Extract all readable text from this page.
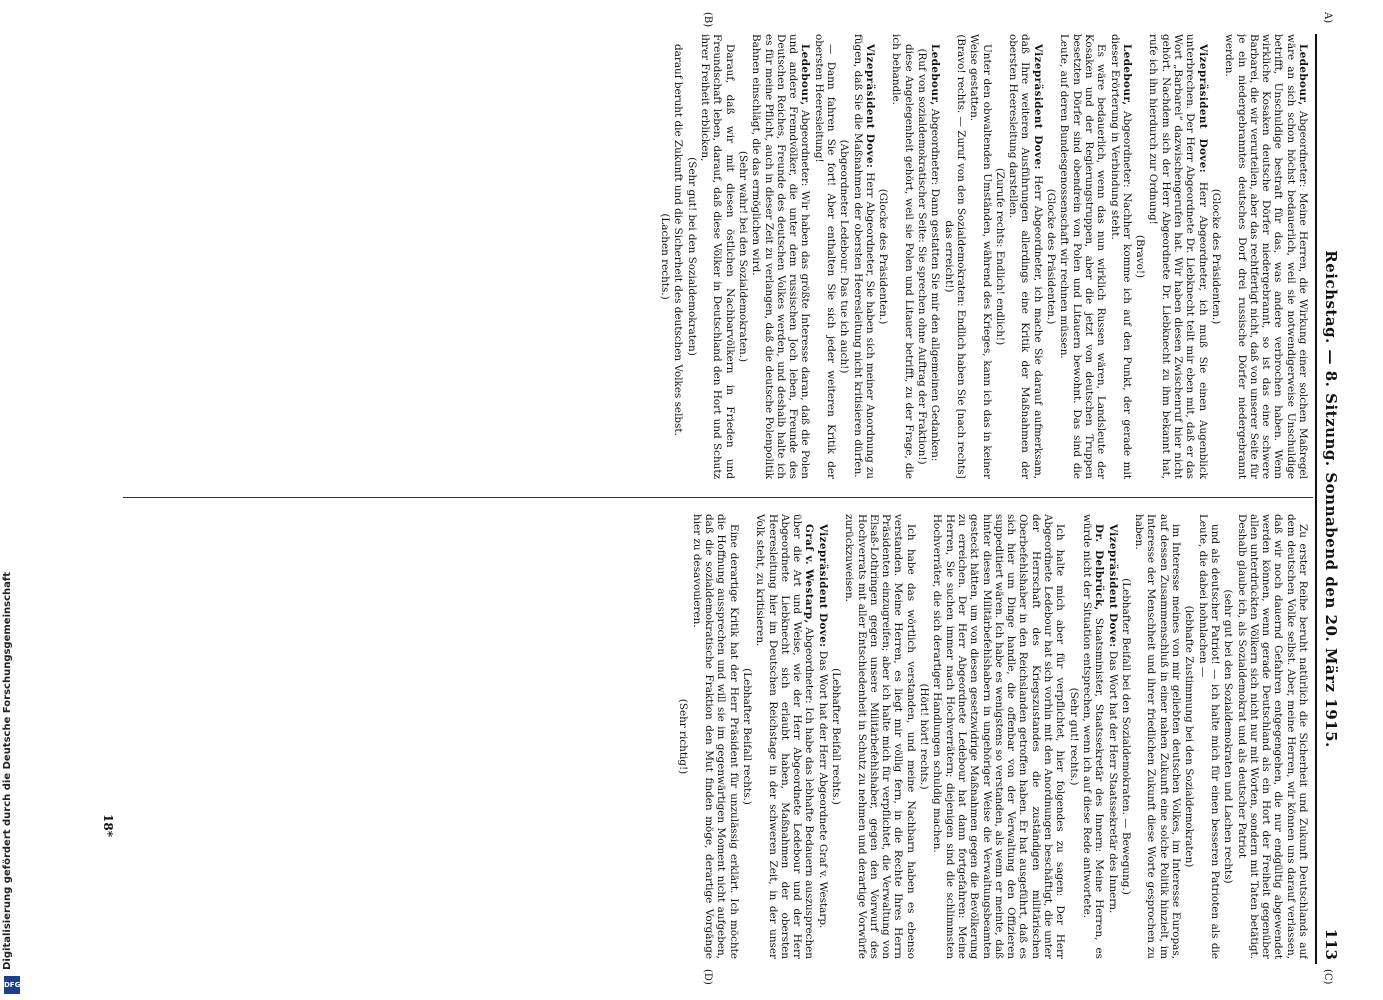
Reichstag. — 8. Sitzung. Sonnabend den 20. März 1915.
113
A)
(B)
(C)
(D)

Ledebour, Abgeordneter: Meine Herren, die Wirkung einer solchen Maßregel wäre an sich schon höchst bedauerlich, weil sie notwendigerweise Unschuldige betrifft, Unschuldige bestraft für das, was andere verbrochen haben. Wenn wirkliche Kosaken deutsche Dörfer niedergebrannt, so ist das eine schwere Barbarei, die wir verurteilen, aber das rechtfertigt nicht, daß von unserer Seite für je ein niedergebranntes deutsches Dorf drei russische Dörfer niedergebrannt werden.

(Glocke des Präsidenten.)

Vizepräsident Dove: Herr Abgeordneter, ich muß Sie einen Augenblick unterbrechen. Der Herr Abgeordnete Dr. Liebknecht teilt mir eben mit, daß er das Wort „Barbarei“ dazwischengerufen hat. Wir haben diesen Zwischenruf hier nicht gehört. Nachdem sich der Herr Abgeordnete Dr. Liebknecht zu ihm bekannt hat, rufe ich ihn hierdurch zur Ordnung!

(Bravo!)

Ledebour, Abgeordneter: Nachher komme ich auf den Punkt, der gerade mit dieser Erörterung in Verbindung steht.

Es wäre bedauerlich, wenn das nun wirklich Russen wären, Landsleute der Kosaken und der Regierungstruppen, aber die jetzt von deutschen Truppen besetzten Dörfer sind obendrein von Polen und Litauern bewohnt. Das sind die Leute, auf deren Bundesgenossenschaft wir rechnen müssen.

(Glocke des Präsidenten.)

Vizepräsident Dove: Herr Abgeordneter, ich mache Sie darauf aufmerksam, daß Ihre weiteren Ausführungen allerdings eine Kritik der Maßnahmen der obersten Heeresleitung darstellen.

(Zurufe rechts: Endlich! endlich!)

Unter den obwaltenden Umständen, während des Krieges, kann ich das in keiner Weise gestatten.

(Bravo! rechts. — Zuruf von den Sozialdemokraten: Endlich haben Sie [nach rechts] das erreicht!)

Ledebour, Abgeordneter: Dann gestatten Sie mir den allgemeinen Gedanken:

(Ruf von sozialdemokratischer Seite: Sie sprechen ohne Auftrag der Fraktion!)

diese Angelegenheit gehört, weil sie Polen und Litauer betrifft, zu der Frage, die ich behandle.

(Glocke des Präsidenten.)

Vizepräsident Dove: Herr Abgeordneter, Sie haben sich meiner Anordnung zu fügen, daß Sie die Maßnahmen der obersten Heeresleitung nicht kritisieren dürfen.

(Abgeordneter Ledebour: Das tue ich auch!)

— Dann fahren Sie fort! Aber enthalten Sie sich jeder weiteren Kritik der obersten Heeresleitung!

Ledebour, Abgeordneter: Wir haben das größte Interesse daran, daß die Polen und andere Fremdvölker, die unter dem russischen Joch leben, Freunde des Deutschen Reiches, Freunde des deutschen Volkes werden, und deshalb halte ich es für meine Pflicht, auch in dieser Zeit zu verlangen, daß die deutsche Polenpolitik Bahnen einschlägt, die das ermöglichen wird.

(Sehr wahr! bei den Sozialdemokraten.)

Darauf, daß wir mit diesen östlichen Nachbarvölkern in Frieden und Freundschaft leben, darauf, daß diese Völker in Deutschland den Hort und Schutz ihrer Freiheit erblicken,

(Sehr gut! bei den Sozialdemokraten)

darauf beruht die Zukunft und die Sicherheit des deutschen Volkes selbst.

(Lachen rechts.)

Zu erster Reihe beruht natürlich die Sicherheit und Zukunft Deutschlands auf dem deutschen Volke selbst. Aber, meine Herren, wir können uns darauf verlassen, daß wir noch dauernd Gefahren entgegengehen, die nur endgültig abgewendet werden können, wenn gerade Deutschland als ein Hort der Freiheit gegenüber allen unterdrückten Völkern sich nicht nur mit Worten, sondern mit Taten betätigt. Deshalb glaube ich, als Sozialdemokrat und als deutscher Patriot

(sehr gut bei den Sozialdemokraten und Lachen rechts)

und als deutscher Patriot! — ich halte mich für einen besseren Patrioten als die Leute, die dabei hohnlachen —

(lebhafte Zustimmung bei den Sozialdemokraten)

im Interesse meines von mir geliebten deutschen Volkes, im Interesse Europas, auf dessen Zusammenschluß in einer nahen Zukunft eine solche Politik hinzielt, im Interesse der Menschheit und ihrer friedlichen Zukunft diese Worte gesprochen zu haben.

(Lebhafter Beifall bei den Sozialdemokraten. — Bewegung.)

Vizepräsident Dove: Das Wort hat der Herr Staatssekretär des Innern.

Dr. Delbrück, Staatsminister, Staatssekretär des Innern: Meine Herren, es würde nicht der Situation entsprechen, wenn ich auf diese Rede antwortete.

(Sehr gut! rechts.)

Ich halte mich aber für verpflichtet, hier folgendes zu sagen: Der Herr Abgeordnete Ledebour hat sich vorhin mit den Anordnungen beschäftigt, die unter der Herrschaft des Kriegszustandes die zuständigen militärischen Oberbefehlshaber in den Reichslanden getroffen haben. Er hat ausgeführt, daß es sich hier um Dinge handle, die offenbar von der Verwaltung den Offizieren suppeditiert wären. Ich habe es wenigstens so verstanden, als wenn er meinte, daß hinter diesen Militärbefehlshabern in ungehöriger Weise die Verwaltungsbeamten gesteckt hätten, um von diesen gesetzwidrige Maßnahmen gegen die Bevölkerung zu erreichen. Der Herr Abgeordnete Ledebour hat dann fortgefahren: Meine Herren, Sie suchen immer nach Hochverrätern; diejenigen sind die schlimmsten Hochverräter, die sich derartiger Handlungen schuldig machen.

(Hört! hört! rechts.)

Ich habe das wörtlich verstanden, und meine Nachbarn haben es ebenso verstanden. Meine Herren, es liegt mir völlig fern, in die Rechte Ihres Herrn Präsidenten einzugreifen; aber ich halte mich für verpflichtet, die Verwaltung von Elsaß-Lothringen gegen unsere Militärbefehlshaber, gegen den Vorwurf des Hochverrats mit aller Entschiedenheit in Schutz zu nehmen und derartige Vorwürfe zurückzuweisen.

(Lebhafter Beifall rechts.)

Vizepräsident Dove: Das Wort hat der Herr Abgeordnete Graf v. Westarp.

Graf v. Westarp, Abgeordneter: Ich habe das lebhafte Bedauern auszusprechen über die Art und Weise, wie der Herr Abgeordnete Ledebour und der Herr Abgeordnete Liebknecht sich erlaubt haben, Maßnahmen der obersten Heeresleitung hier im Deutschen Reichstage in der schweren Zeit, in der unser Volk steht, zu kritisieren.

(Lebhafter Beifall rechts.)

Eine derartige Kritik hat der Herr Präsident für unzulässig erklärt. Ich möchte die Hoffnung aussprechen und will sie im gegenwärtigen Moment nicht aufgeben, daß die sozialdemokratische Fraktion den Mut finden möge, derartige Vorgänge hier zu desavouieren.

(Sehr richtig!)

18*
Digitalisierung gefördert durch die Deutsche Forschungsgemeinschaft
DFG
